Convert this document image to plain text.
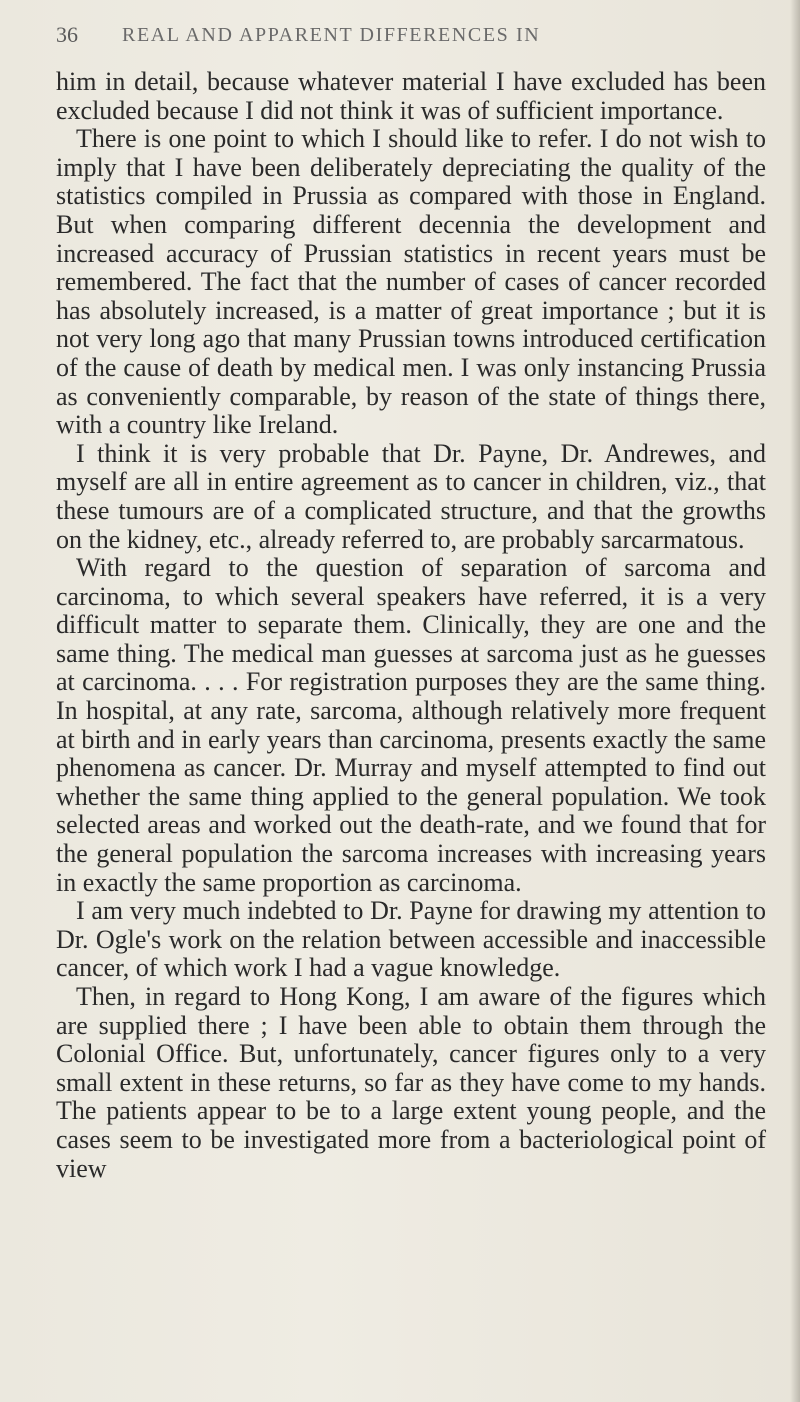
36 REAL AND APPARENT DIFFERENCES IN

him in detail, because whatever material I have excluded has been excluded because I did not think it was of sufficient importance.

There is one point to which I should like to refer. I do not wish to imply that I have been deliberately depreciating the quality of the statistics compiled in Prussia as compared with those in England. But when comparing different decennia the development and increased accuracy of Prussian statistics in recent years must be remembered. The fact that the number of cases of cancer recorded has absolutely increased, is a matter of great importance ; but it is not very long ago that many Prussian towns introduced certification of the cause of death by medical men. I was only instancing Prussia as conveniently comparable, by reason of the state of things there, with a country like Ireland.

I think it is very probable that Dr. Payne, Dr. Andrewes, and myself are all in entire agreement as to cancer in children, viz., that these tumours are of a complicated structure, and that the growths on the kidney, etc., already referred to, are probably sarcarmatous.

With regard to the question of separation of sarcoma and carcinoma, to which several speakers have referred, it is a very difficult matter to separate them. Clinically, they are one and the same thing. The medical man guesses at sarcoma just as he guesses at carcinoma. . . . For registration purposes they are the same thing. In hospital, at any rate, sarcoma, although relatively more frequent at birth and in early years than carcinoma, presents exactly the same phenomena as cancer. Dr. Murray and myself attempted to find out whether the same thing applied to the general population. We took selected areas and worked out the death-rate, and we found that for the general population the sarcoma increases with increasing years in exactly the same proportion as carcinoma.

I am very much indebted to Dr. Payne for drawing my attention to Dr. Ogle's work on the relation between accessible and inaccessible cancer, of which work I had a vague knowledge.

Then, in regard to Hong Kong, I am aware of the figures which are supplied there ; I have been able to obtain them through the Colonial Office. But, unfortunately, cancer figures only to a very small extent in these returns, so far as they have come to my hands. The patients appear to be to a large extent young people, and the cases seem to be investigated more from a bacteriological point of view
